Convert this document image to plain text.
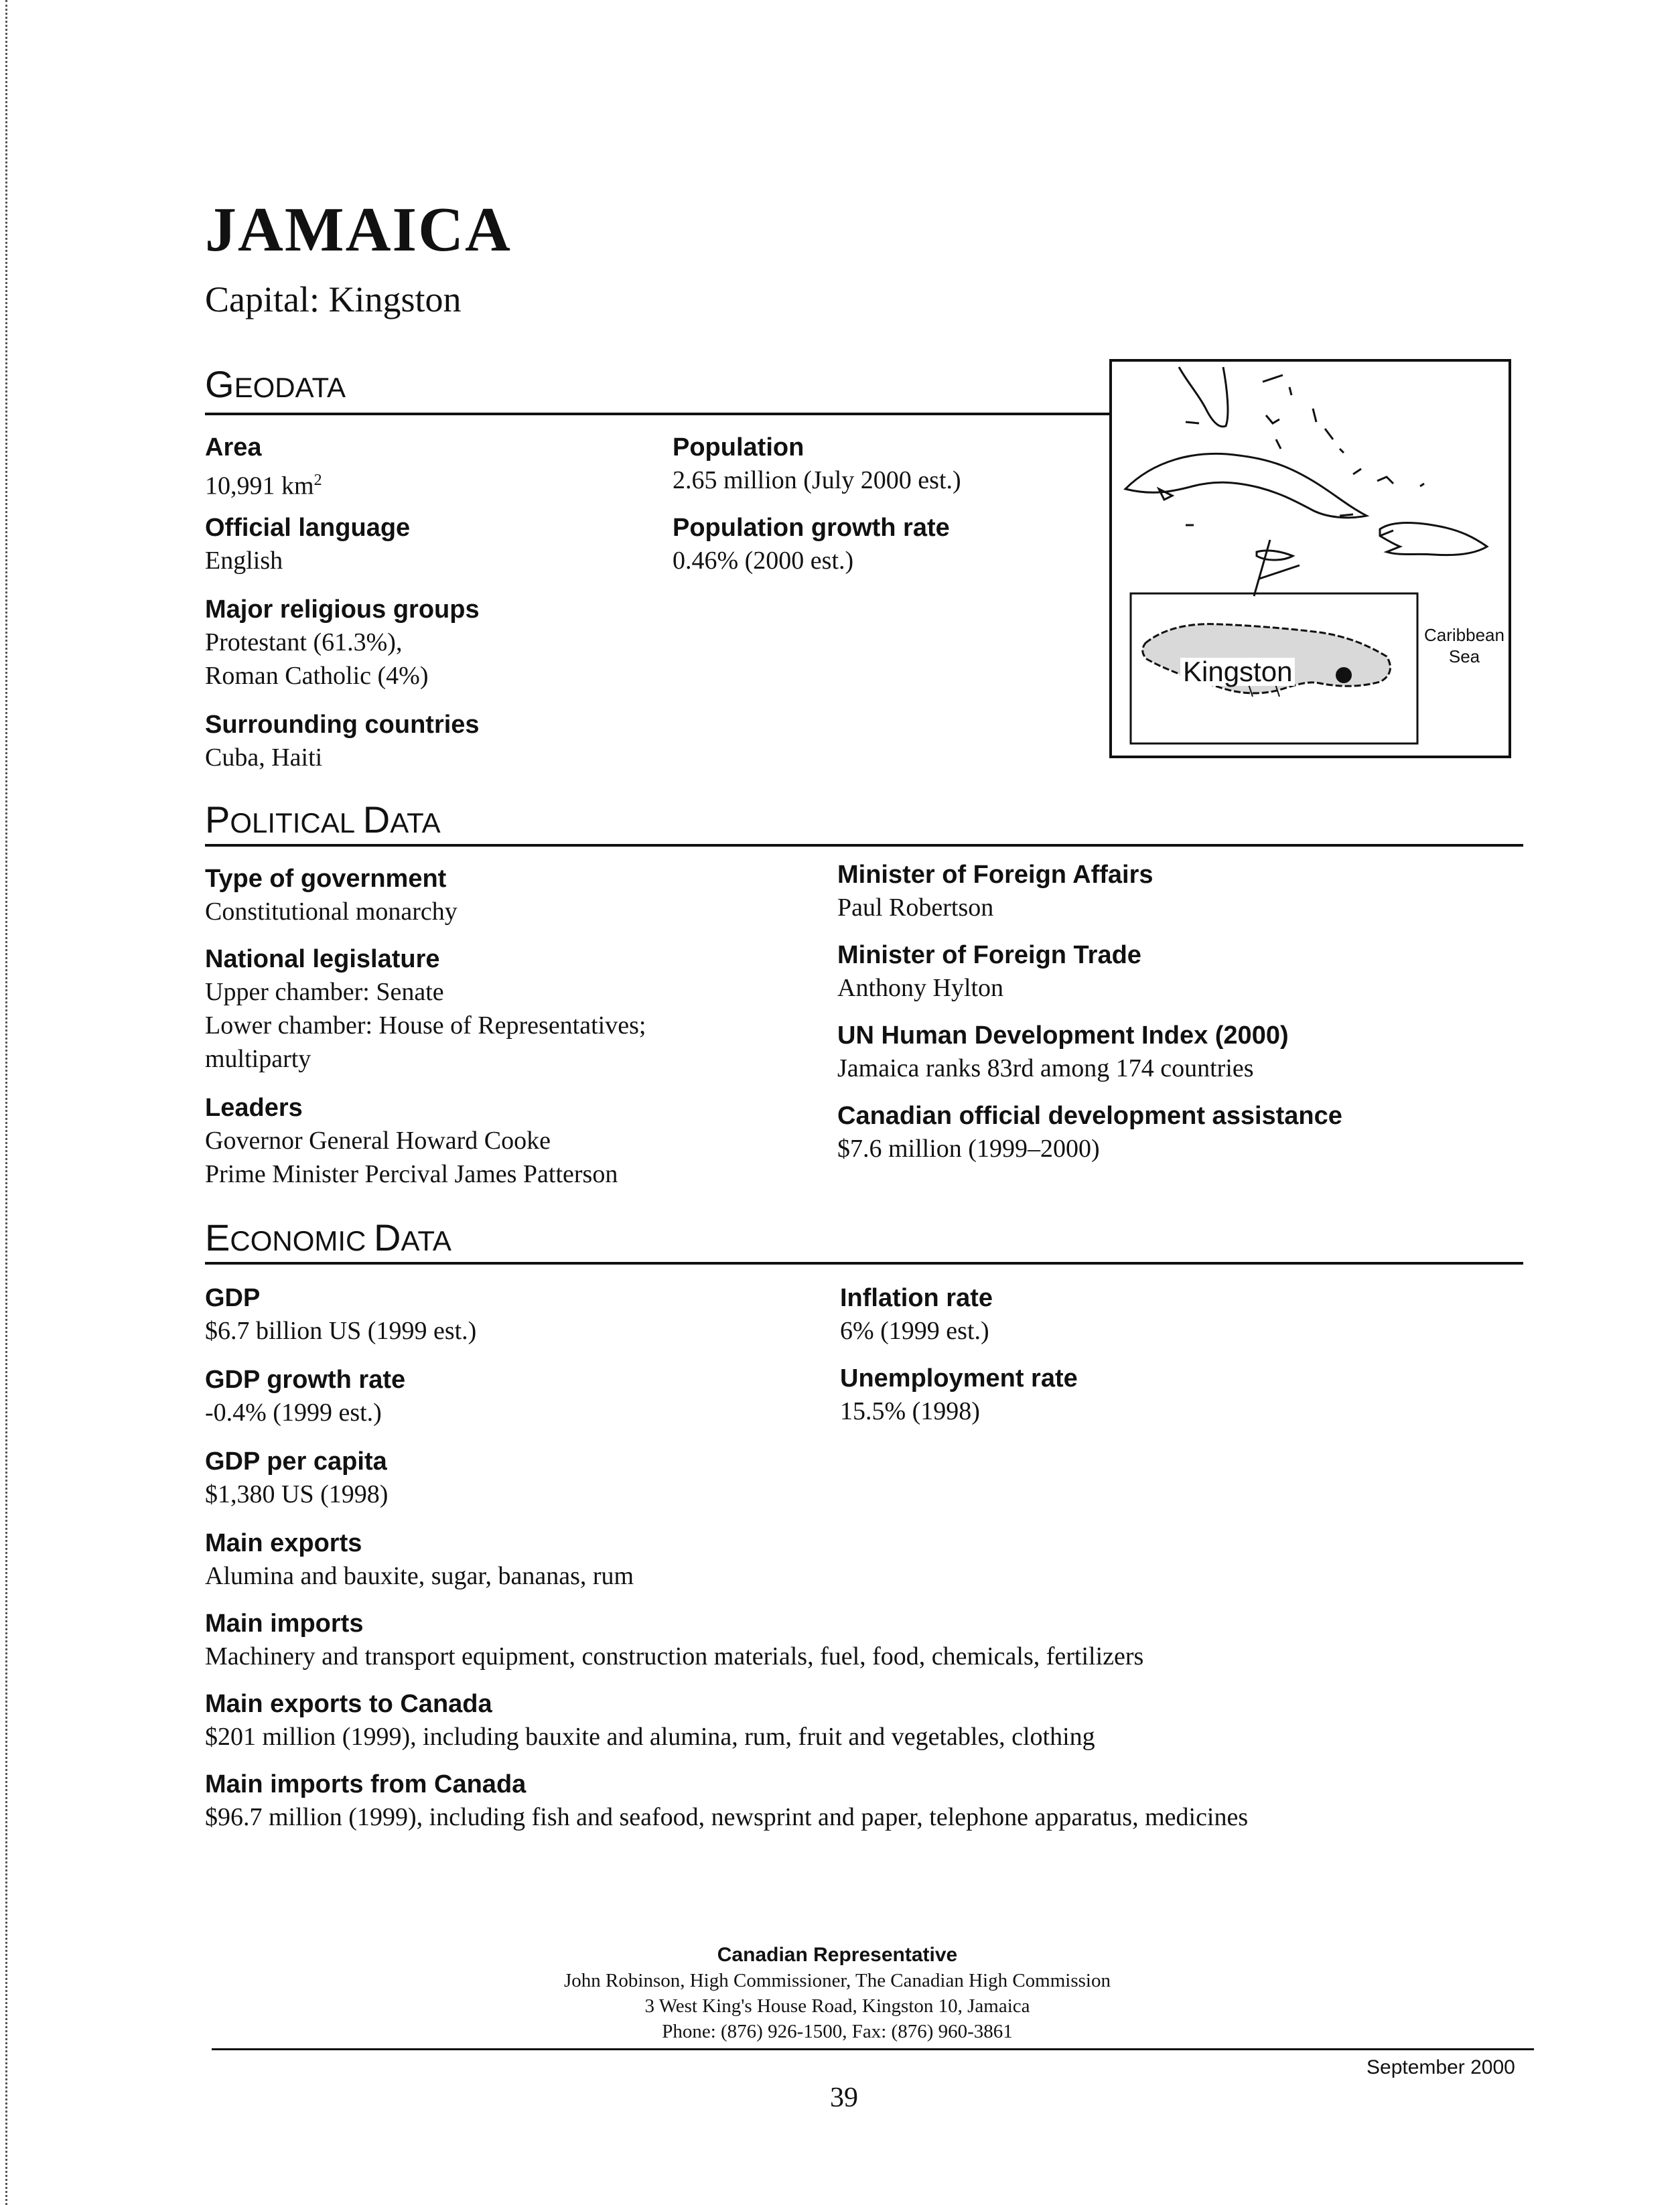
JAMAICA
Capital: Kingston
GEODATA
Area
10,991 $km^2$
Population
2.65 million (July 2000 est.)
Official language
English
Population growth rate
0.46% (2000 est.)
Major religious groups
Protestant (61.3%),
Roman Catholic (4%)
Surrounding countries
Cuba, Haiti
Kingston
Caribbean
Sea
POLITICAL DATA
Type of government
Constitutional monarchy
National legislature
Upper chamber: Senate
Lower chamber: House of Representatives;
multiparty
Leaders
Governor General Howard Cooke
Prime Minister Percival James Patterson
Minister of Foreign Affairs
Paul Robertson
Minister of Foreign Trade
Anthony Hylton
UN Human Development Index (2000)
Jamaica ranks 83rd among 174 countries
Canadian official development assistance
$7.6 million (1999–2000)
ECONOMIC DATA
GDP
$6.7 billion US (1999 est.)
GDP growth rate
-0.4% (1999 est.)
GDP per capita
$1,380 US (1998)
Inflation rate
6% (1999 est.)
Unemployment rate
15.5% (1998)
Main exports
Alumina and bauxite, sugar, bananas, rum
Main imports
Machinery and transport equipment, construction materials, fuel, food, chemicals, fertilizers
Main exports to Canada
$201 million (1999), including bauxite and alumina, rum, fruit and vegetables, clothing
Main imports from Canada
$96.7 million (1999), including fish and seafood, newsprint and paper, telephone apparatus, medicines
Canadian Representative
John Robinson, High Commissioner, The Canadian High Commission
3 West King's House Road, Kingston 10, Jamaica
Phone: (876) 926-1500, Fax: (876) 960-3861
September 2000
39
